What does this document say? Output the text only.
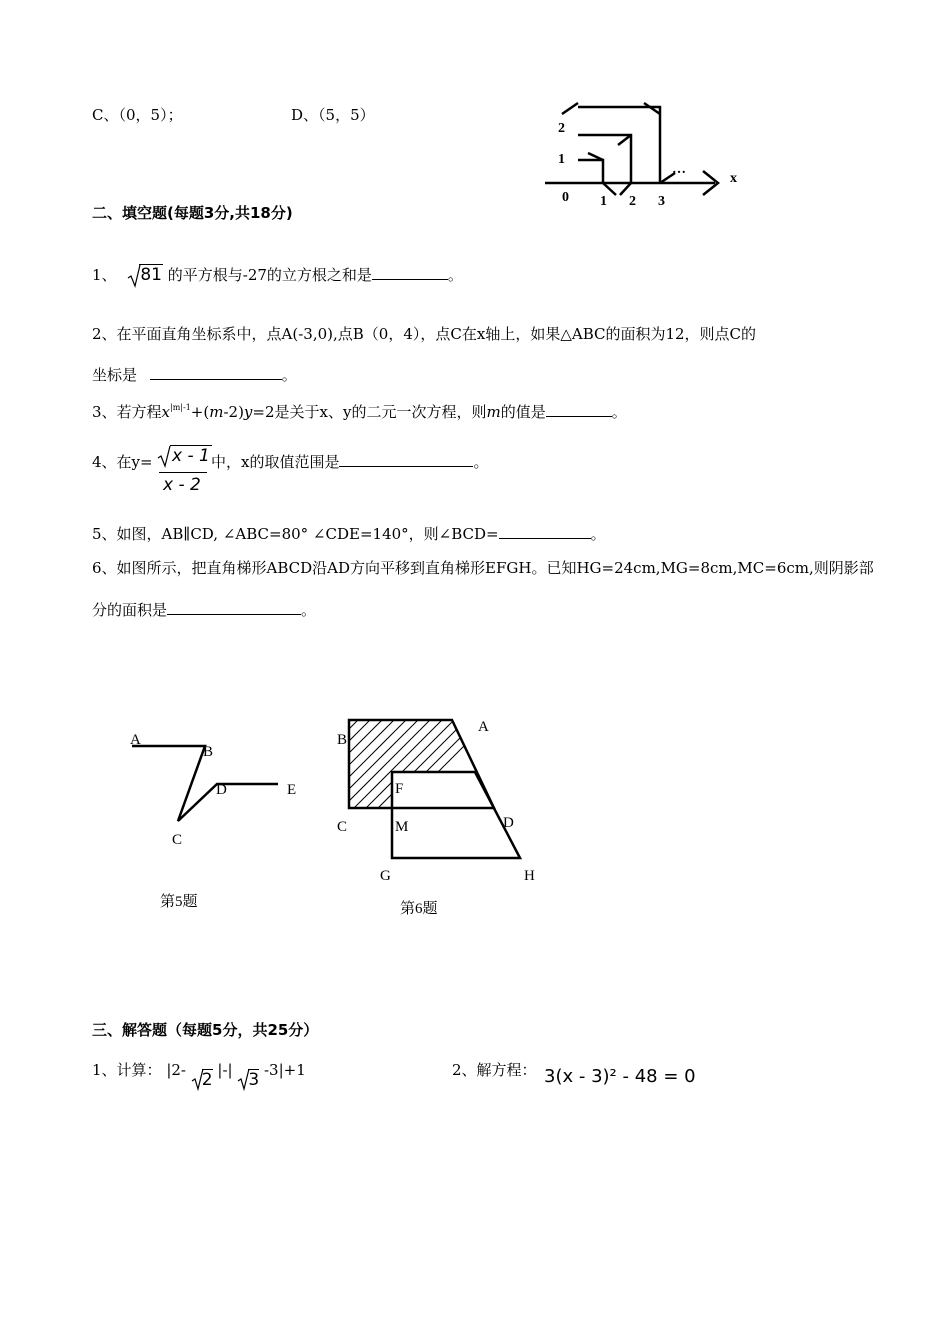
C、（0，5）；	D、（5，5）
2
1
0 1 2 3
x
…
二、填空题(每题3分,共18分)
1、 81 的平方根与-27的立方根之和是	。
2、在平面直角坐标系中，点A(-3,0),点B（0，4），点C在x轴上，如果△ABC的面积为12，则点C的
坐标是	。
3、若方程$x^{|m|-1}+(m-2)y=2$是关于x、y的二元一次方程，则m的值是	。
4、在y= x - 1
x - 2
中，x的取值范围是	。
5、如图，AB∥CD, ∠ABC=80° ∠CDE=140°，则∠BCD=	。
6、如图所示，把直角梯形ABCD沿AD方向平移到直角梯形EFGH。已知HG=24cm,MG=8cm,MC=6cm,则阴影部
分的面积是	。
A
B
D	E
C
第5题
A
B
F
C	M	D
G	H
第6题
三、解答题（每题5分，共25分）
1、计算： |2- 2 |-| 3 -3|+1	2、解方程： 3(x - 3)² - 48 = 0
